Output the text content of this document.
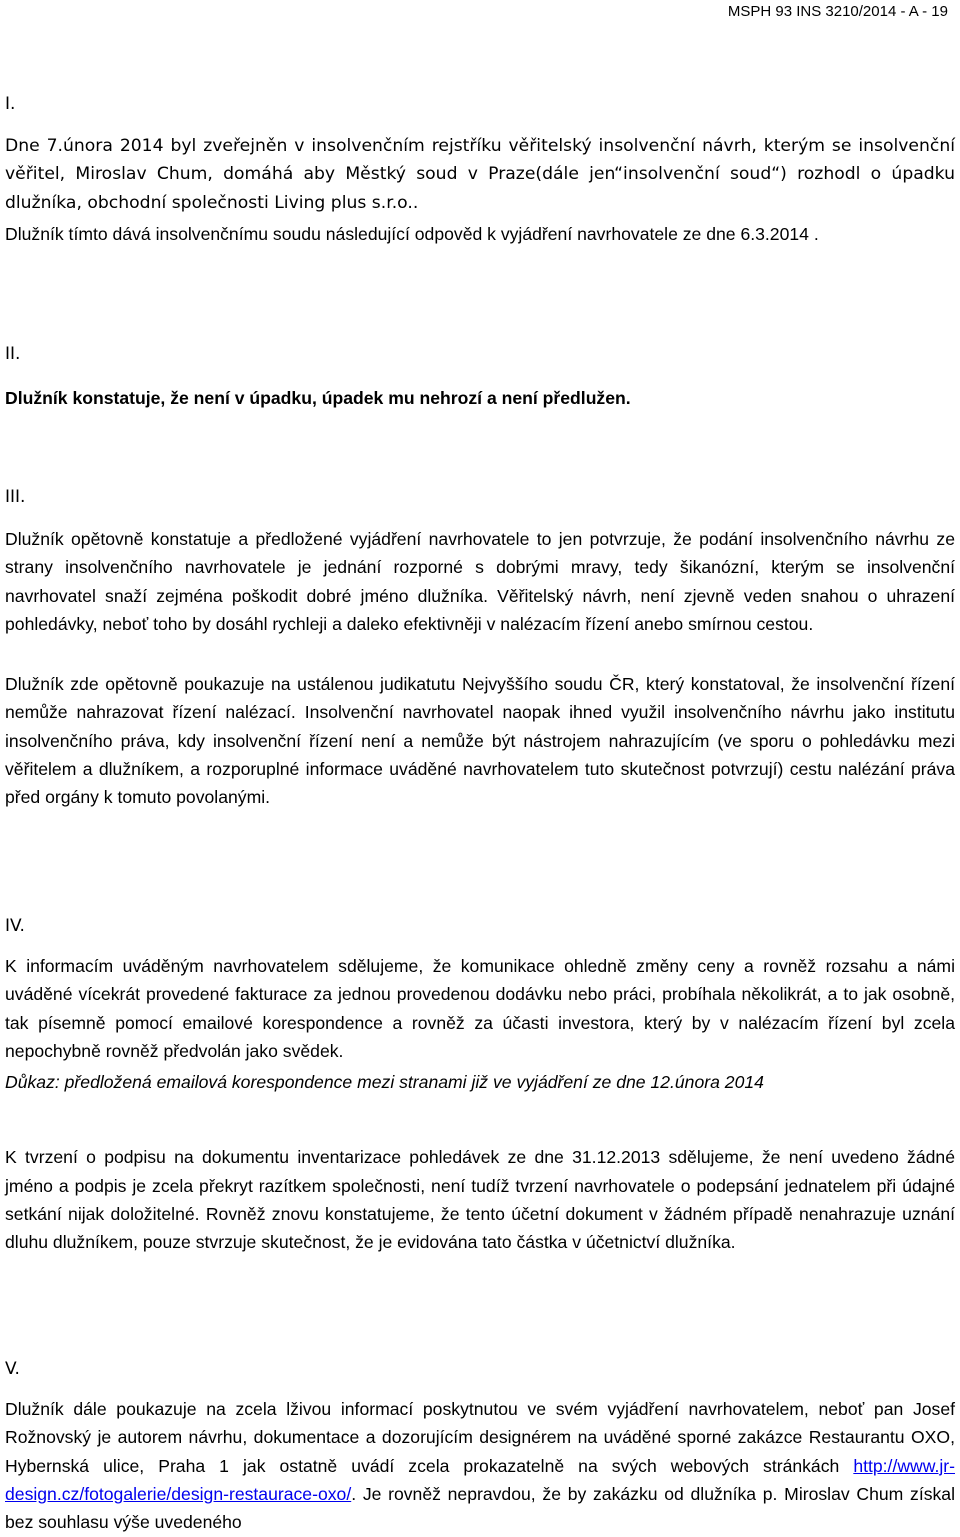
MSPH 93 INS 3210/2014 - A - 19

I.

Dne 7.února 2014 byl zveřejněn v insolvenčním rejstříku věřitelský insolvenční návrh, kterým se insolvenční věřitel, Miroslav Chum, domáhá aby Městký soud v Praze(dále jen“insolvenční soud“) rozhodl o úpadku dlužníka, obchodní společnosti Living plus s.r.o..

Dlužník tímto dává insolvenčnímu soudu následující odpověd k vyjádření navrhovatele ze dne 6.3.2014 .

II.

Dlužník konstatuje, že není v úpadku, úpadek mu nehrozí a není předlužen.

III.

Dlužník opětovně konstatuje a předložené vyjádření navrhovatele to jen potvrzuje, že podání insolvenčního návrhu ze strany insolvenčního navrhovatele je jednání rozporné s dobrými mravy, tedy šikanózní, kterým se insolvenční navrhovatel snaží zejména poškodit dobré jméno dlužníka. Věřitelský návrh, není zjevně veden snahou o uhrazení pohledávky, neboť toho by dosáhl rychleji a daleko efektivněji v nalézacím řízení anebo smírnou cestou.

Dlužník zde opětovně poukazuje na ustálenou judikatutu Nejvyššího soudu ČR, který konstatoval, že insolvenční řízení nemůže nahrazovat řízení nalézací. Insolvenční navrhovatel naopak ihned využil insolvenčního návrhu jako institutu insolvenčního práva, kdy insolvenční řízení není a nemůže být nástrojem nahrazujícím (ve sporu o pohledávku mezi věřitelem a dlužníkem, a rozporuplné informace uváděné navrhovatelem tuto skutečnost potvrzují) cestu nalézání práva před orgány k tomuto povolanými.

IV.

K informacím uváděným navrhovatelem sdělujeme, že komunikace ohledně změny ceny a rovněž rozsahu a námi uváděné vícekrát provedené fakturace za jednou provedenou dodávku nebo práci, probíhala několikrát, a to jak osobně, tak písemně pomocí emailové korespondence a rovněž za účasti investora, který by v nalézacím řízení byl zcela nepochybně rovněž předvolán jako svědek.

Důkaz: předložená emailová korespondence mezi stranami již ve vyjádření ze dne 12.února 2014

K tvrzení o podpisu na dokumentu inventarizace pohledávek ze dne 31.12.2013 sdělujeme, že není uvedeno žádné jméno a podpis je zcela překryt razítkem společnosti, není tudíž tvrzení navrhovatele o podepsání jednatelem při údajné setkání nijak doložitelné. Rovněž znovu konstatujeme, že tento účetní dokument v žádném případě nenahrazuje uznání dluhu dlužníkem, pouze stvrzuje skutečnost, že je evidována tato částka v účetnictví dlužníka.

V.

Dlužník dále poukazuje na zcela lživou informací poskytnutou ve svém vyjádření navrhovatelem, neboť pan Josef Rožnovský je autorem návrhu, dokumentace a dozorujícím designérem na uváděné sporné zakázce Restaurantu OXO, Hybernská ulice, Praha 1 jak ostatně uvádí zcela prokazatelně na svých webových stránkách http://www.jr-design.cz/fotogalerie/design-restaurace-oxo/. Je rovněž nepravdou, že by zakázku od dlužníka p. Miroslav Chum získal bez souhlasu výše uvedeného
